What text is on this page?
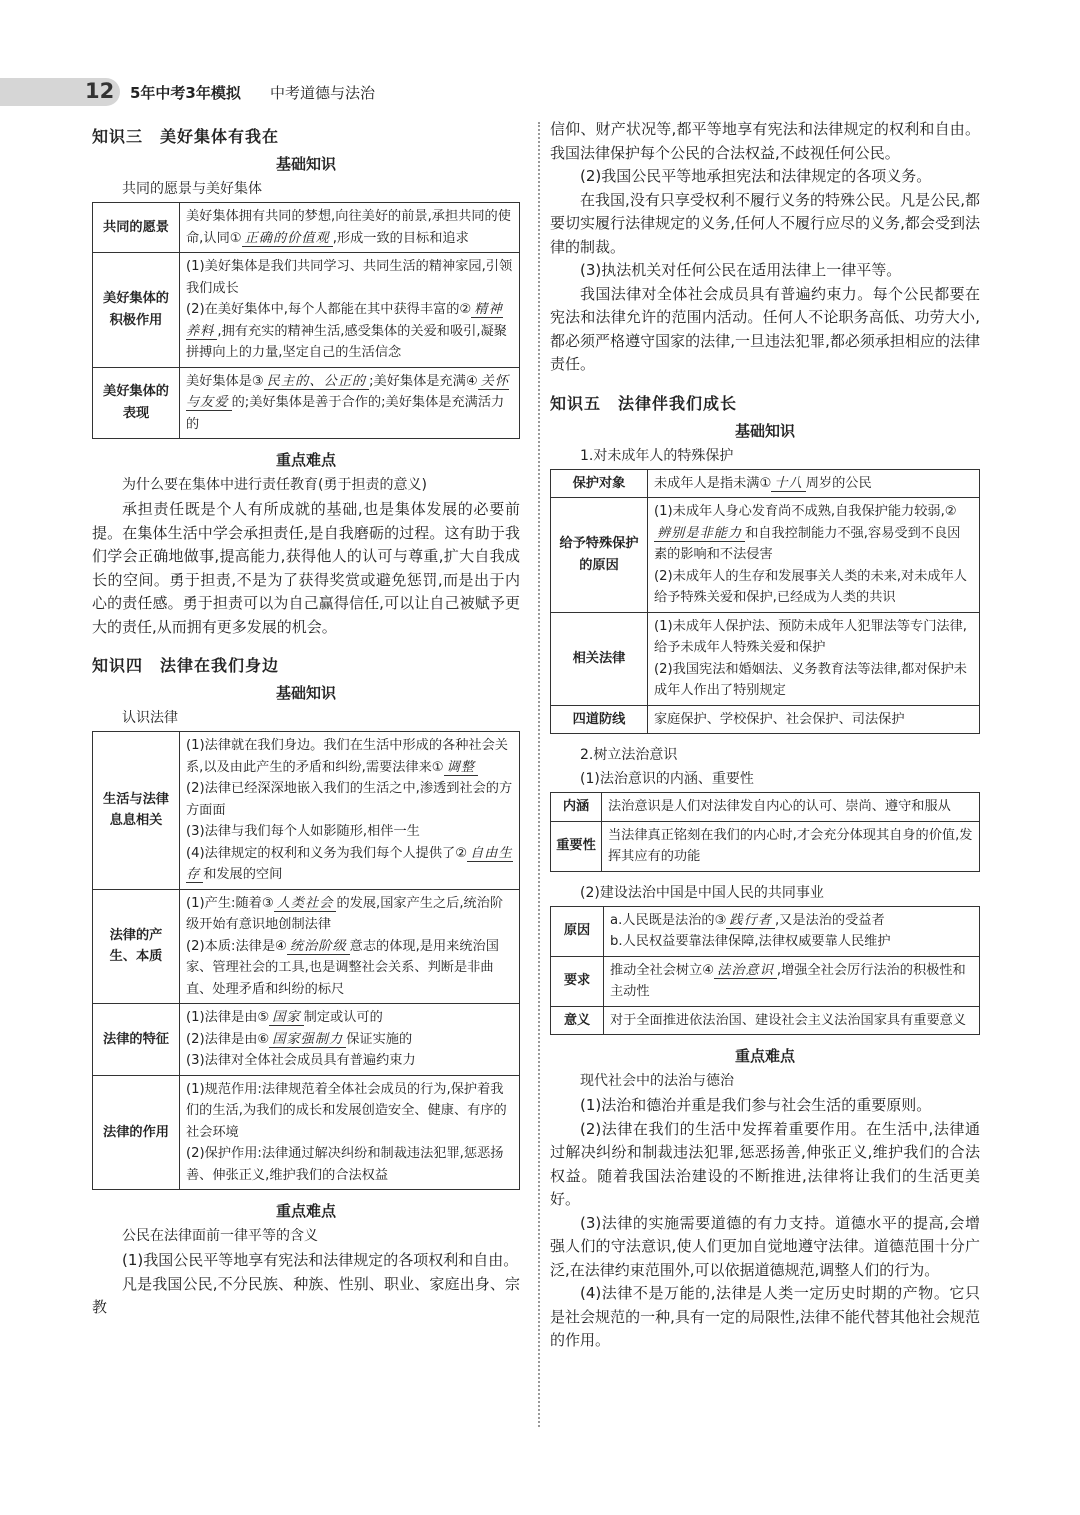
12 5年中考3年模拟 中考道德与法治
知识三　美好集体有我在
基础知识
共同的愿景与美好集体
共同的愿景	美好集体拥有共同的梦想,向往美好的前景,承担共同的使命,认同① 正确的价值观 ,形成一致的目标和追求
美好集体的积极作用	(1)美好集体是我们共同学习、共同生活的精神家园,引领我们成长

(2)在美好集体中,每个人都能在其中获得丰富的② 精神养料 ,拥有充实的精神生活,感受集体的关爱和吸引,凝聚拼搏向上的力量,坚定自己的生活信念

美好集体的表现	美好集体是③ 民主的、公正的 ;美好集体是充满④ 关怀与友爱 的;美好集体是善于合作的;美好集体是充满活力的
重点难点
为什么要在集体中进行责任教育(勇于担责的意义)

承担责任既是个人有所成就的基础,也是集体发展的必要前提。在集体生活中学会承担责任,是自我磨砺的过程。这有助于我们学会正确地做事,提高能力,获得他人的认可与尊重,扩大自我成长的空间。勇于担责,不是为了获得奖赏或避免惩罚,而是出于内心的责任感。勇于担责可以为自己赢得信任,可以让自己被赋予更大的责任,从而拥有更多发展的机会。

知识四　法律在我们身边
基础知识
认识法律
生活与法律息息相关	(1)法律就在我们身边。我们在生活中形成的各种社会关系,以及由此产生的矛盾和纠纷,需要法律来① 调整

(2)法律已经深深地嵌入我们的生活之中,渗透到社会的方方面面

(3)法律与我们每个人如影随形,相伴一生

(4)法律规定的权利和义务为我们每个人提供了② 自由生存 和发展的空间

法律的产生、本质	(1)产生:随着③ 人类社会 的发展,国家产生之后,统治阶级开始有意识地创制法律

(2)本质:法律是④ 统治阶级 意志的体现,是用来统治国家、管理社会的工具,也是调整社会关系、判断是非曲直、处理矛盾和纠纷的标尺

法律的特征	(1)法律是由⑤ 国家 制定或认可的

(2)法律是由⑥ 国家强制力 保证实施的

(3)法律对全体社会成员具有普遍约束力

法律的作用	(1)规范作用:法律规范着全体社会成员的行为,保护着我们的生活,为我们的成长和发展创造安全、健康、有序的社会环境

(2)保护作用:法律通过解决纠纷和制裁违法犯罪,惩恶扬善、伸张正义,维护我们的合法权益

重点难点
公民在法律面前一律平等的含义

(1)我国公民平等地享有宪法和法律规定的各项权利和自由。

凡是我国公民,不分民族、种族、性别、职业、家庭出身、宗教

信仰、财产状况等,都平等地享有宪法和法律规定的权利和自由。我国法律保护每个公民的合法权益,不歧视任何公民。

(2)我国公民平等地承担宪法和法律规定的各项义务。

在我国,没有只享受权利不履行义务的特殊公民。凡是公民,都要切实履行法律规定的义务,任何人不履行应尽的义务,都会受到法律的制裁。

(3)执法机关对任何公民在适用法律上一律平等。

我国法律对全体社会成员具有普遍约束力。每个公民都要在宪法和法律允许的范围内活动。任何人不论职务高低、功劳大小,都必须严格遵守国家的法律,一旦违法犯罪,都必须承担相应的法律责任。

知识五　法律伴我们成长
基础知识
1.对未成年人的特殊保护
保护对象	未成年人是指未满① 十八 周岁的公民
给予特殊保护的原因	(1)未成年人身心发育尚不成熟,自我保护能力较弱,②辨别是非能力 和自我控制能力不强,容易受到不良因素的影响和不法侵害

(2)未成年人的生存和发展事关人类的未来,对未成年人给予特殊关爱和保护,已经成为人类的共识

相关法律	(1)未成年人保护法、预防未成年人犯罪法等专门法律,给予未成年人特殊关爱和保护

(2)我国宪法和婚姻法、义务教育法等法律,都对保护未成年人作出了特别规定

四道防线	家庭保护、学校保护、社会保护、司法保护
2.树立法治意识
(1)法治意识的内涵、重要性
内涵	法治意识是人们对法律发自内心的认可、崇尚、遵守和服从
重要性	当法律真正铭刻在我们的内心时,才会充分体现其自身的价值,发挥其应有的功能
(2)建设法治中国是中国人民的共同事业
原因	a.人民既是法治的③ 践行者 ,又是法治的受益者

b.人民权益要靠法律保障,法律权威要靠人民维护

要求	推动全社会树立④ 法治意识 ,增强全社会厉行法治的积极性和主动性
意义	对于全面推进依法治国、建设社会主义法治国家具有重要意义
重点难点
现代社会中的法治与德治

(1)法治和德治并重是我们参与社会生活的重要原则。

(2)法律在我们的生活中发挥着重要作用。在生活中,法律通过解决纠纷和制裁违法犯罪,惩恶扬善,伸张正义,维护我们的合法权益。随着我国法治建设的不断推进,法律将让我们的生活更美好。

(3)法律的实施需要道德的有力支持。道德水平的提高,会增强人们的守法意识,使人们更加自觉地遵守法律。道德范围十分广泛,在法律约束范围外,可以依据道德规范,调整人们的行为。

(4)法律不是万能的,法律是人类一定历史时期的产物。它只是社会规范的一种,具有一定的局限性,法律不能代替其他社会规范的作用。
